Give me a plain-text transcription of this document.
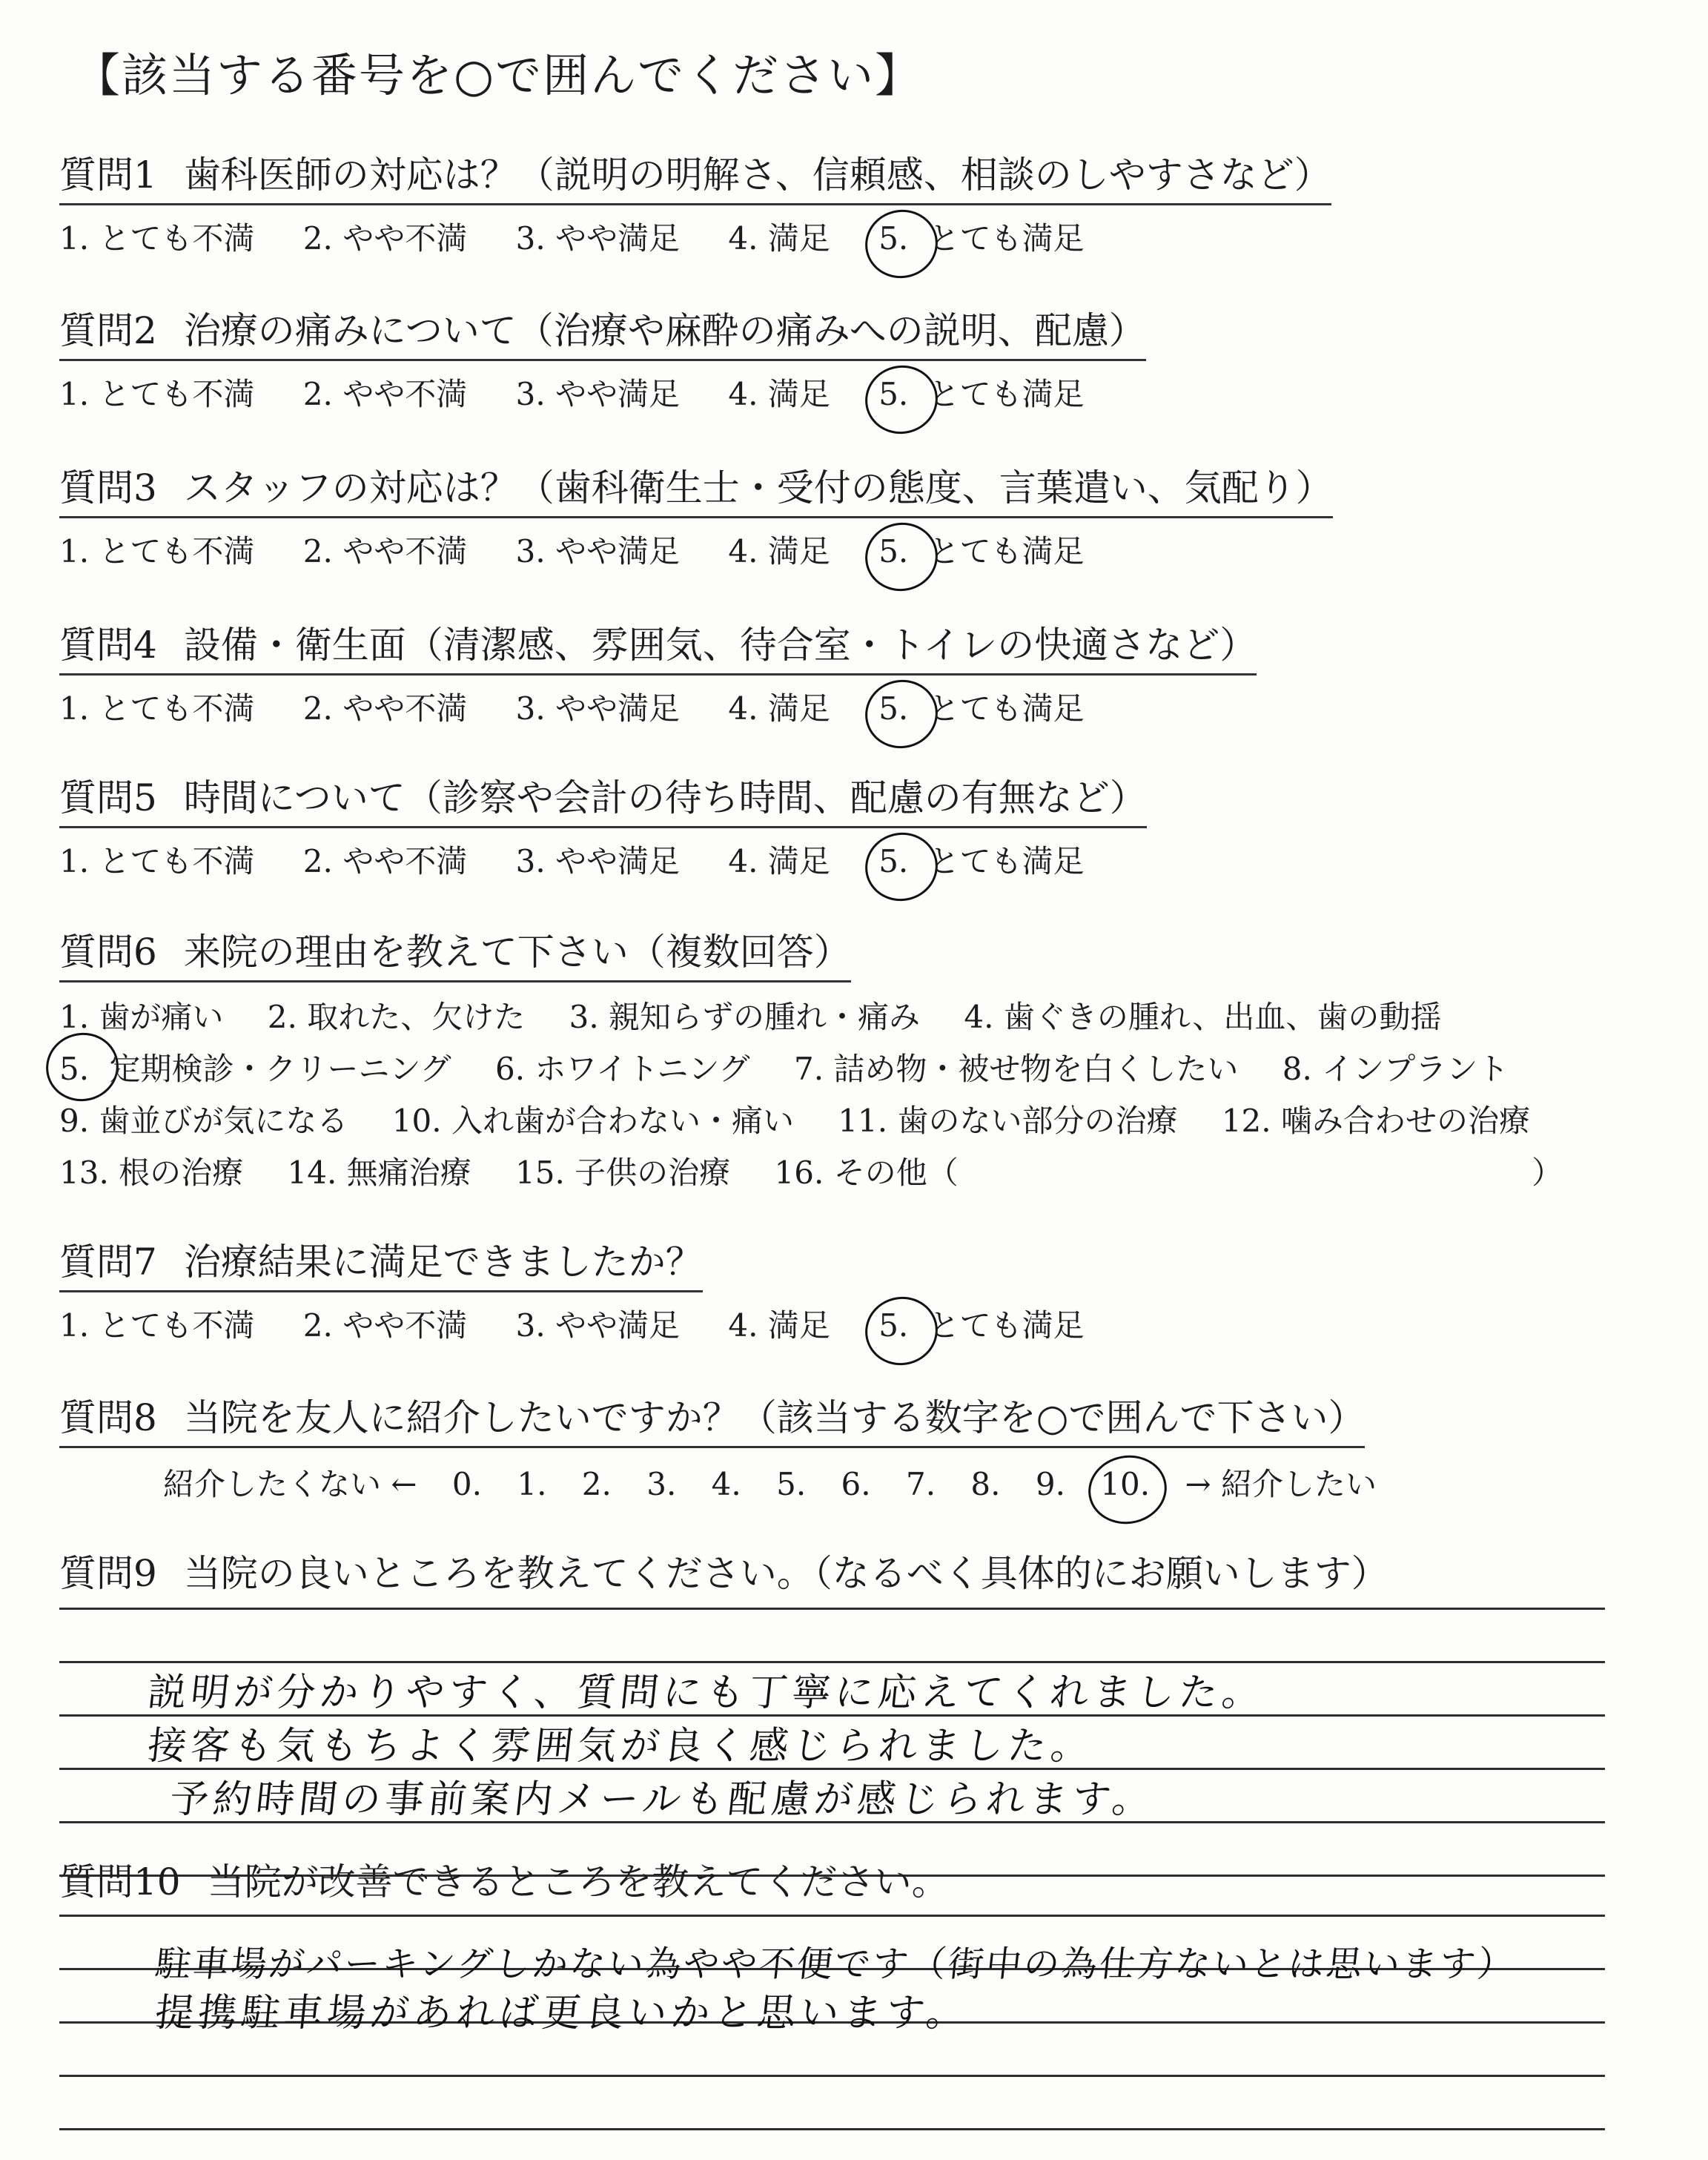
【該当する番号を○で囲んでください】
質問1 歯科医師の対応は？（説明の明解さ、信頼感、相談のしやすさなど）
1. とても不満 2. やや不満 3. やや満足 4. 満足 5. とても満足
質問2 治療の痛みについて（治療や麻酔の痛みへの説明、配慮）
1. とても不満 2. やや不満 3. やや満足 4. 満足 5. とても満足
質問3 スタッフの対応は？（歯科衛生士・受付の態度、言葉遣い、気配り）
1. とても不満 2. やや不満 3. やや満足 4. 満足 5. とても満足
質問4 設備・衛生面（清潔感、雰囲気、待合室・トイレの快適さなど）
1. とても不満 2. やや不満 3. やや満足 4. 満足 5. とても満足
質問5 時間について（診察や会計の待ち時間、配慮の有無など）
1. とても不満 2. やや不満 3. やや満足 4. 満足 5. とても満足
質問6 来院の理由を教えて下さい（複数回答）
1. 歯が痛い 2. 取れた、欠けた 3. 親知らずの腫れ・痛み 4. 歯ぐきの腫れ、出血、歯の動揺
5. 定期検診・クリーニング 6. ホワイトニング 7. 詰め物・被せ物を白くしたい 8. インプラント
9. 歯並びが気になる 10. 入れ歯が合わない・痛い 11. 歯のない部分の治療 12. 噛み合わせの治療
13. 根の治療 14. 無痛治療 15. 子供の治療 16. その他（	）
質問7 治療結果に満足できましたか？
1. とても不満 2. やや不満 3. やや満足 4. 満足 5. とても満足
質問8 当院を友人に紹介したいですか？（該当する数字を○で囲んで下さい）
紹介したくない ← 0. 1. 2. 3. 4. 5. 6. 7. 8. 9. 10. → 紹介したい
質問9 当院の良いところを教えてください。（なるべく具体的にお願いします）
説明が分かりやすく、質問にも丁寧に応えてくれました。
接客も気もちよく雰囲気が良く感じられました。
予約時間の事前案内メールも配慮が感じられます。
質問10 当院が改善できるところを教えてください。
駐車場がパーキングしかない為やや不便です（街中の為仕方ないとは思います）
提携駐車場があれば更良いかと思います。
